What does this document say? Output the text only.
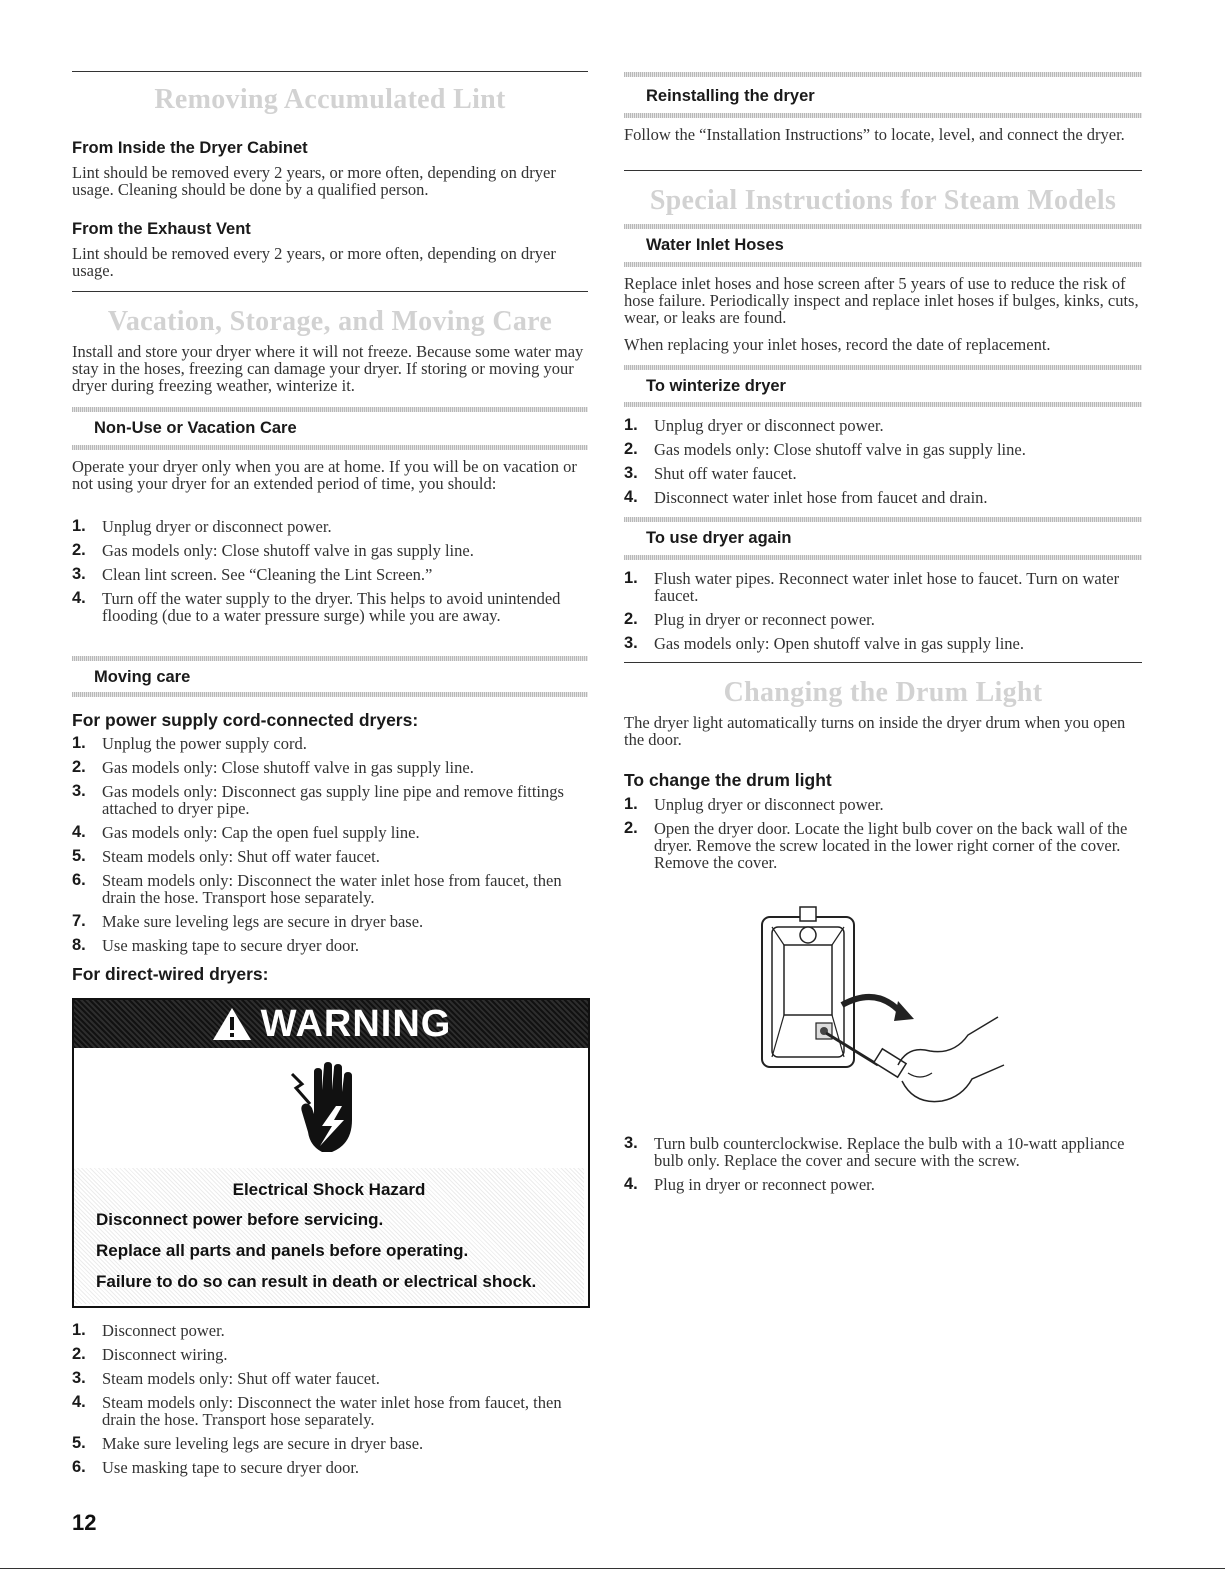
Removing Accumulated Lint
From Inside the Dryer Cabinet

Lint should be removed every 2 years, or more often, depending on dryer usage. Cleaning should be done by a qualified person.

From the Exhaust Vent

Lint should be removed every 2 years, or more often, depending on dryer usage.

Vacation, Storage, and Moving Care

Install and store your dryer where it will not freeze. Because some water may stay in the hoses, freezing can damage your dryer. If storing or moving your dryer during freezing weather, winterize it.

Non-Use or Vacation Care

Operate your dryer only when you are at home. If you will be on vacation or not using your dryer for an extended period of time, you should:

1. Unplug dryer or disconnect power.
2. Gas models only: Close shutoff valve in gas supply line.
3. Clean lint screen. See “Cleaning the Lint Screen.”
4. Turn off the water supply to the dryer. This helps to avoid unintended flooding (due to a water pressure surge) while you are away.
Moving care
For power supply cord-connected dryers:
1. Unplug the power supply cord.
2. Gas models only: Close shutoff valve in gas supply line.
3. Gas models only: Disconnect gas supply line pipe and remove fittings attached to dryer pipe.
4. Gas models only: Cap the open fuel supply line.
5. Steam models only: Shut off water faucet.
6. Steam models only: Disconnect the water inlet hose from faucet, then drain the hose. Transport hose separately.
7. Make sure leveling legs are secure in dryer base.
8. Use masking tape to secure dryer door.
For direct-wired dryers:
1. Disconnect power.
2. Disconnect wiring.
3. Steam models only: Shut off water faucet.
4. Steam models only: Disconnect the water inlet hose from faucet, then drain the hose. Transport hose separately.
5. Make sure leveling legs are secure in dryer base.
6. Use masking tape to secure dryer door.
WARNING
Electrical Shock Hazard
Disconnect power before servicing.
Replace all parts and panels before operating.
Failure to do so can result in death or electrical shock.
Reinstalling the dryer

Follow the “Installation Instructions” to locate, level, and connect the dryer.

Special Instructions for Steam Models
Water Inlet Hoses

Replace inlet hoses and hose screen after 5 years of use to reduce the risk of hose failure. Periodically inspect and replace inlet hoses if bulges, kinks, cuts, wear, or leaks are found.

When replacing your inlet hoses, record the date of replacement.

To winterize dryer
1. Unplug dryer or disconnect power.
2. Gas models only: Close shutoff valve in gas supply line.
3. Shut off water faucet.
4. Disconnect water inlet hose from faucet and drain.
To use dryer again
1. Flush water pipes. Reconnect water inlet hose to faucet. Turn on water faucet.
2. Plug in dryer or reconnect power.
3. Gas models only: Open shutoff valve in gas supply line.
Changing the Drum Light

The dryer light automatically turns on inside the dryer drum when you open the door.

To change the drum light
1. Unplug dryer or disconnect power.
2. Open the dryer door. Locate the light bulb cover on the back wall of the dryer. Remove the screw located in the lower right corner of the cover. Remove the cover.
3. Turn bulb counterclockwise. Replace the bulb with a 10-watt appliance bulb only. Replace the cover and secure with the screw.
4. Plug in dryer or reconnect power.
12
